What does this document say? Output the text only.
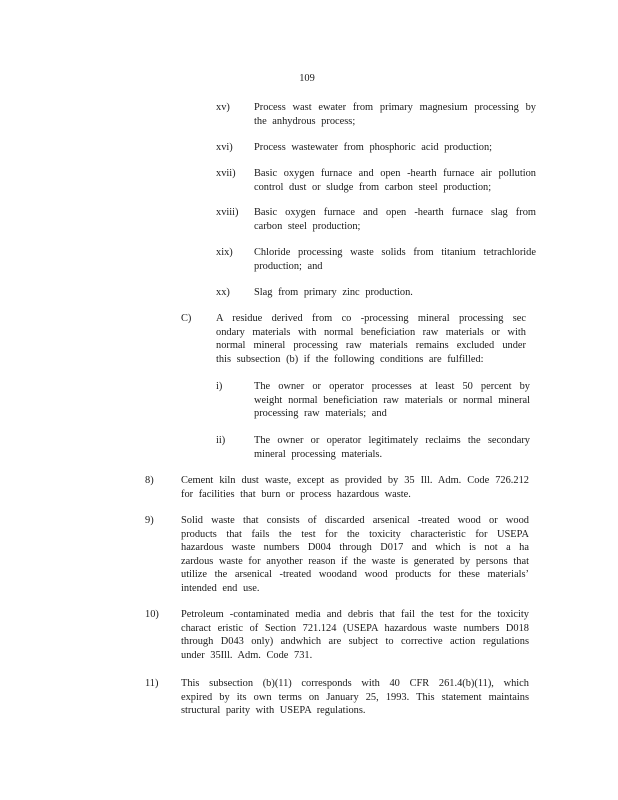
109
xv)	Process wast ewater from primary magnesium processing by the anhydrous process;
xvi)	Process wastewater from phosphoric acid production;
xvii)	Basic oxygen furnace and open -hearth furnace air pollution control dust or sludge from carbon steel production;
xviii)	Basic oxygen furnace and open -hearth furnace slag from carbon steel production;
xix)	Chloride processing waste solids from titanium tetrachloride production; and
xx)	Slag from primary zinc production.
C)	A residue derived from co -processing mineral processing sec ondary materials with normal beneficiation raw materials or with normal mineral processing raw materials remains excluded under this subsection (b) if the following conditions are fulfilled:
i)	The owner or operator processes at least 50 percent by weight normal beneficiation raw materials or normal mineral processing raw materials; and
ii)	The owner or operator legitimately reclaims the secondary mineral processing materials.
8)	Cement kiln dust waste, except as provided by 35 Ill. Adm. Code 726.212 for facilities that burn or process hazardous waste.
9)	Solid waste that consists of discarded arsenical -treated wood or wood products that fails the test for the toxicity characteristic for USEPA hazardous waste numbers D004 through D017 and which is not a ha zardous waste for anyother reason if the waste is generated by persons that utilize the arsenical -treated woodand wood products for these materials’ intended end use.
10)	Petroleum -contaminated media and debris that fail the test for the toxicity charact eristic of Section 721.124 (USEPA hazardous waste numbers D018 through D043 only) andwhich are subject to corrective action regulations under 35Ill. Adm. Code 731.
11)	This subsection (b)(11) corresponds with 40 CFR 261.4(b)(11), which expired by its own terms on January 25, 1993. This statement maintains structural parity with USEPA regulations.
